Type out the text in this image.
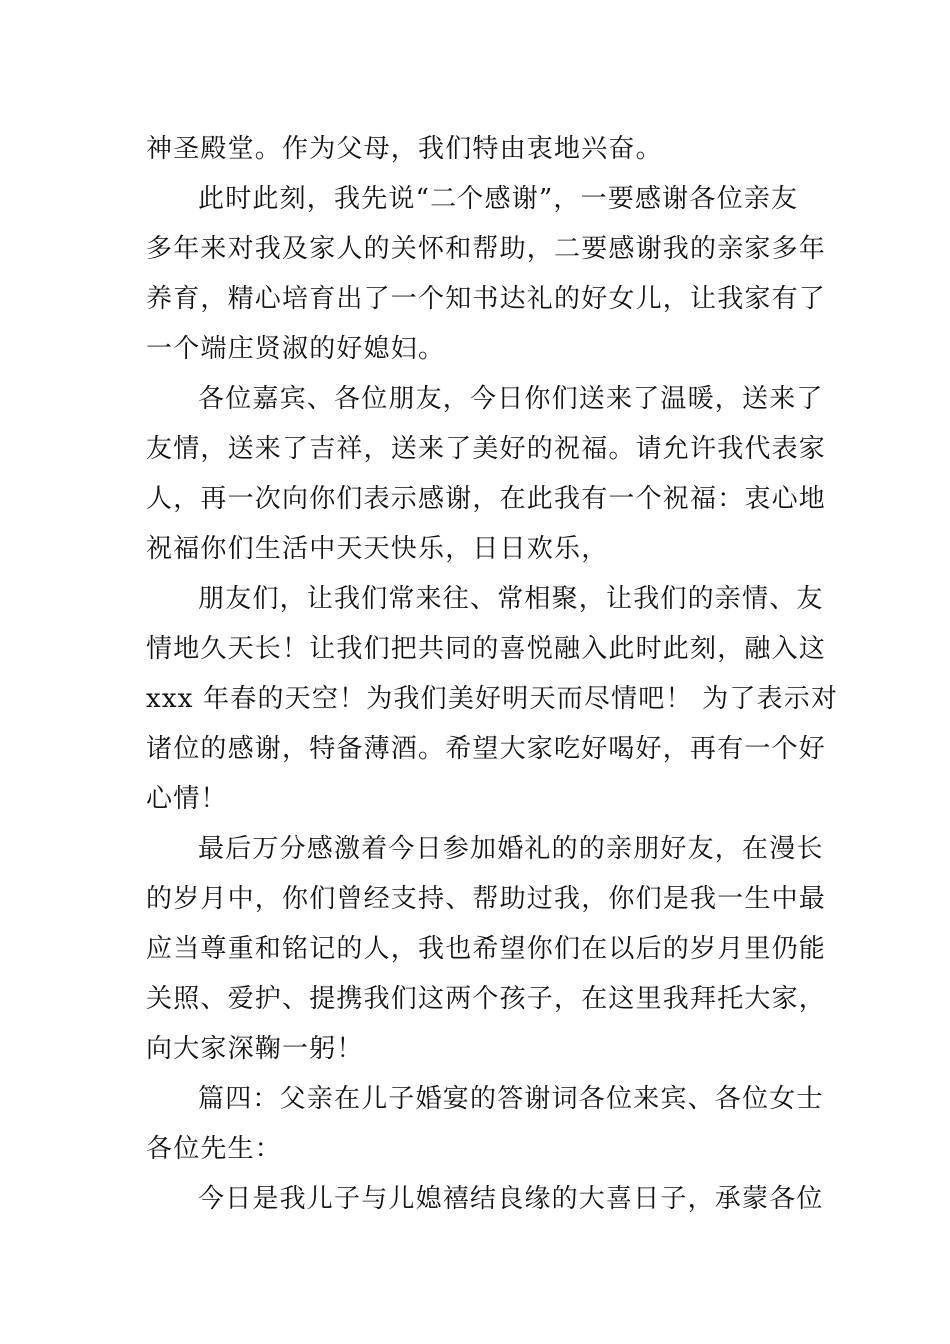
神圣殿堂。作为父母，我们特由衷地兴奋。
此时此刻，我先说“二个感谢”，一要感谢各位亲友
多年来对我及家人的关怀和帮助，二要感谢我的亲家多年
养育，精心培育出了一个知书达礼的好女儿，让我家有了
一个端庄贤淑的好媳妇。
各位嘉宾、各位朋友，今日你们送来了温暖，送来了
友情，送来了吉祥，送来了美好的祝福。请允许我代表家
人，再一次向你们表示感谢，在此我有一个祝福：衷心地
祝福你们生活中天天快乐，日日欢乐，
朋友们，让我们常来往、常相聚，让我们的亲情、友
情地久天长！让我们把共同的喜悦融入此时此刻，融入这
xxx 年春的天空！为我们美好明天而尽情吧！ 为了表示对
诸位的感谢，特备薄酒。希望大家吃好喝好，再有一个好
心情！
最后万分感激着今日参加婚礼的的亲朋好友，在漫长
的岁月中，你们曾经支持、帮助过我，你们是我一生中最
应当尊重和铭记的人，我也希望你们在以后的岁月里仍能
关照、爱护、提携我们这两个孩子，在这里我拜托大家，
向大家深鞠一躬！
篇四：父亲在儿子婚宴的答谢词各位来宾、各位女士
各位先生：
今日是我儿子与儿媳禧结良缘的大喜日子，承蒙各位
